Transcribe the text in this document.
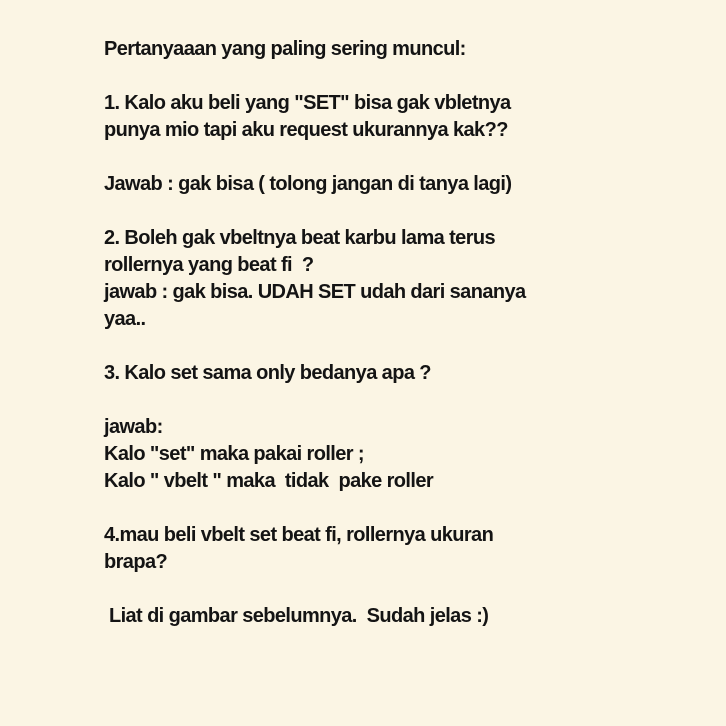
Pertanyaaan yang paling sering muncul:
1. Kalo aku beli yang "SET" bisa gak vbletnya
punya mio tapi aku request ukurannya kak??
Jawab : gak bisa ( tolong jangan di tanya lagi)
2. Boleh gak vbeltnya beat karbu lama terus
rollernya yang beat fi  ?
jawab : gak bisa. UDAH SET udah dari sananya
yaa..
3. Kalo set sama only bedanya apa ?
jawab:
Kalo "set" maka pakai roller ;
Kalo " vbelt " maka  tidak  pake roller
4.mau beli vbelt set beat fi, rollernya ukuran
brapa?
Liat di gambar sebelumnya.  Sudah jelas :)
